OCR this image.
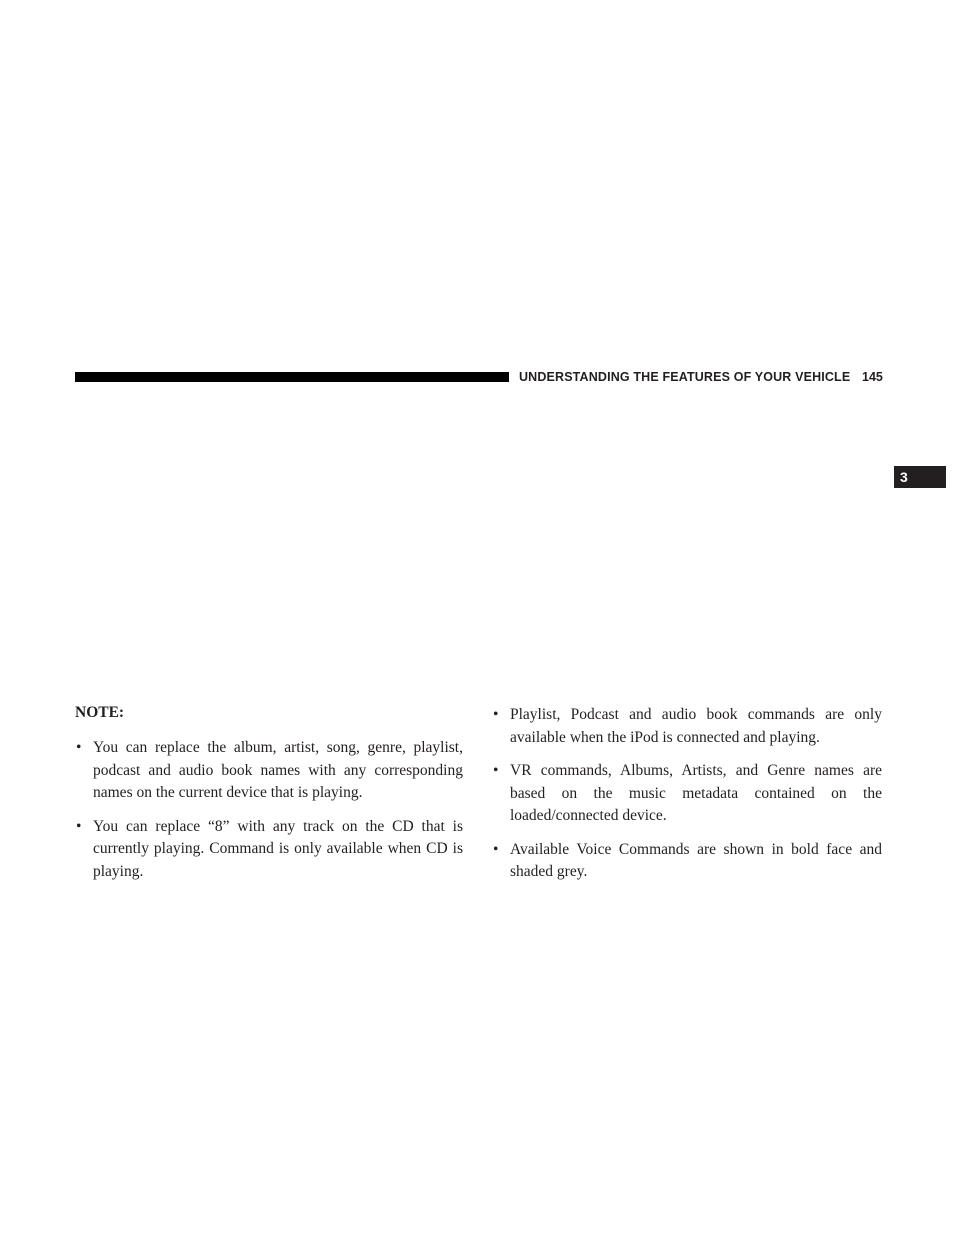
UNDERSTANDING THE FEATURES OF YOUR VEHICLE 145
3
NOTE:
• You can replace the album, artist, song, genre, playlist, podcast and audio book names with any corresponding names on the current device that is playing.
• You can replace “8” with any track on the CD that is currently playing. Command is only available when CD is playing.
• Playlist, Podcast and audio book commands are only available when the iPod is connected and playing.
• VR commands, Albums, Artists, and Genre names are based on the music metadata contained on the loaded/connected device.
• Available Voice Commands are shown in bold face and shaded grey.
